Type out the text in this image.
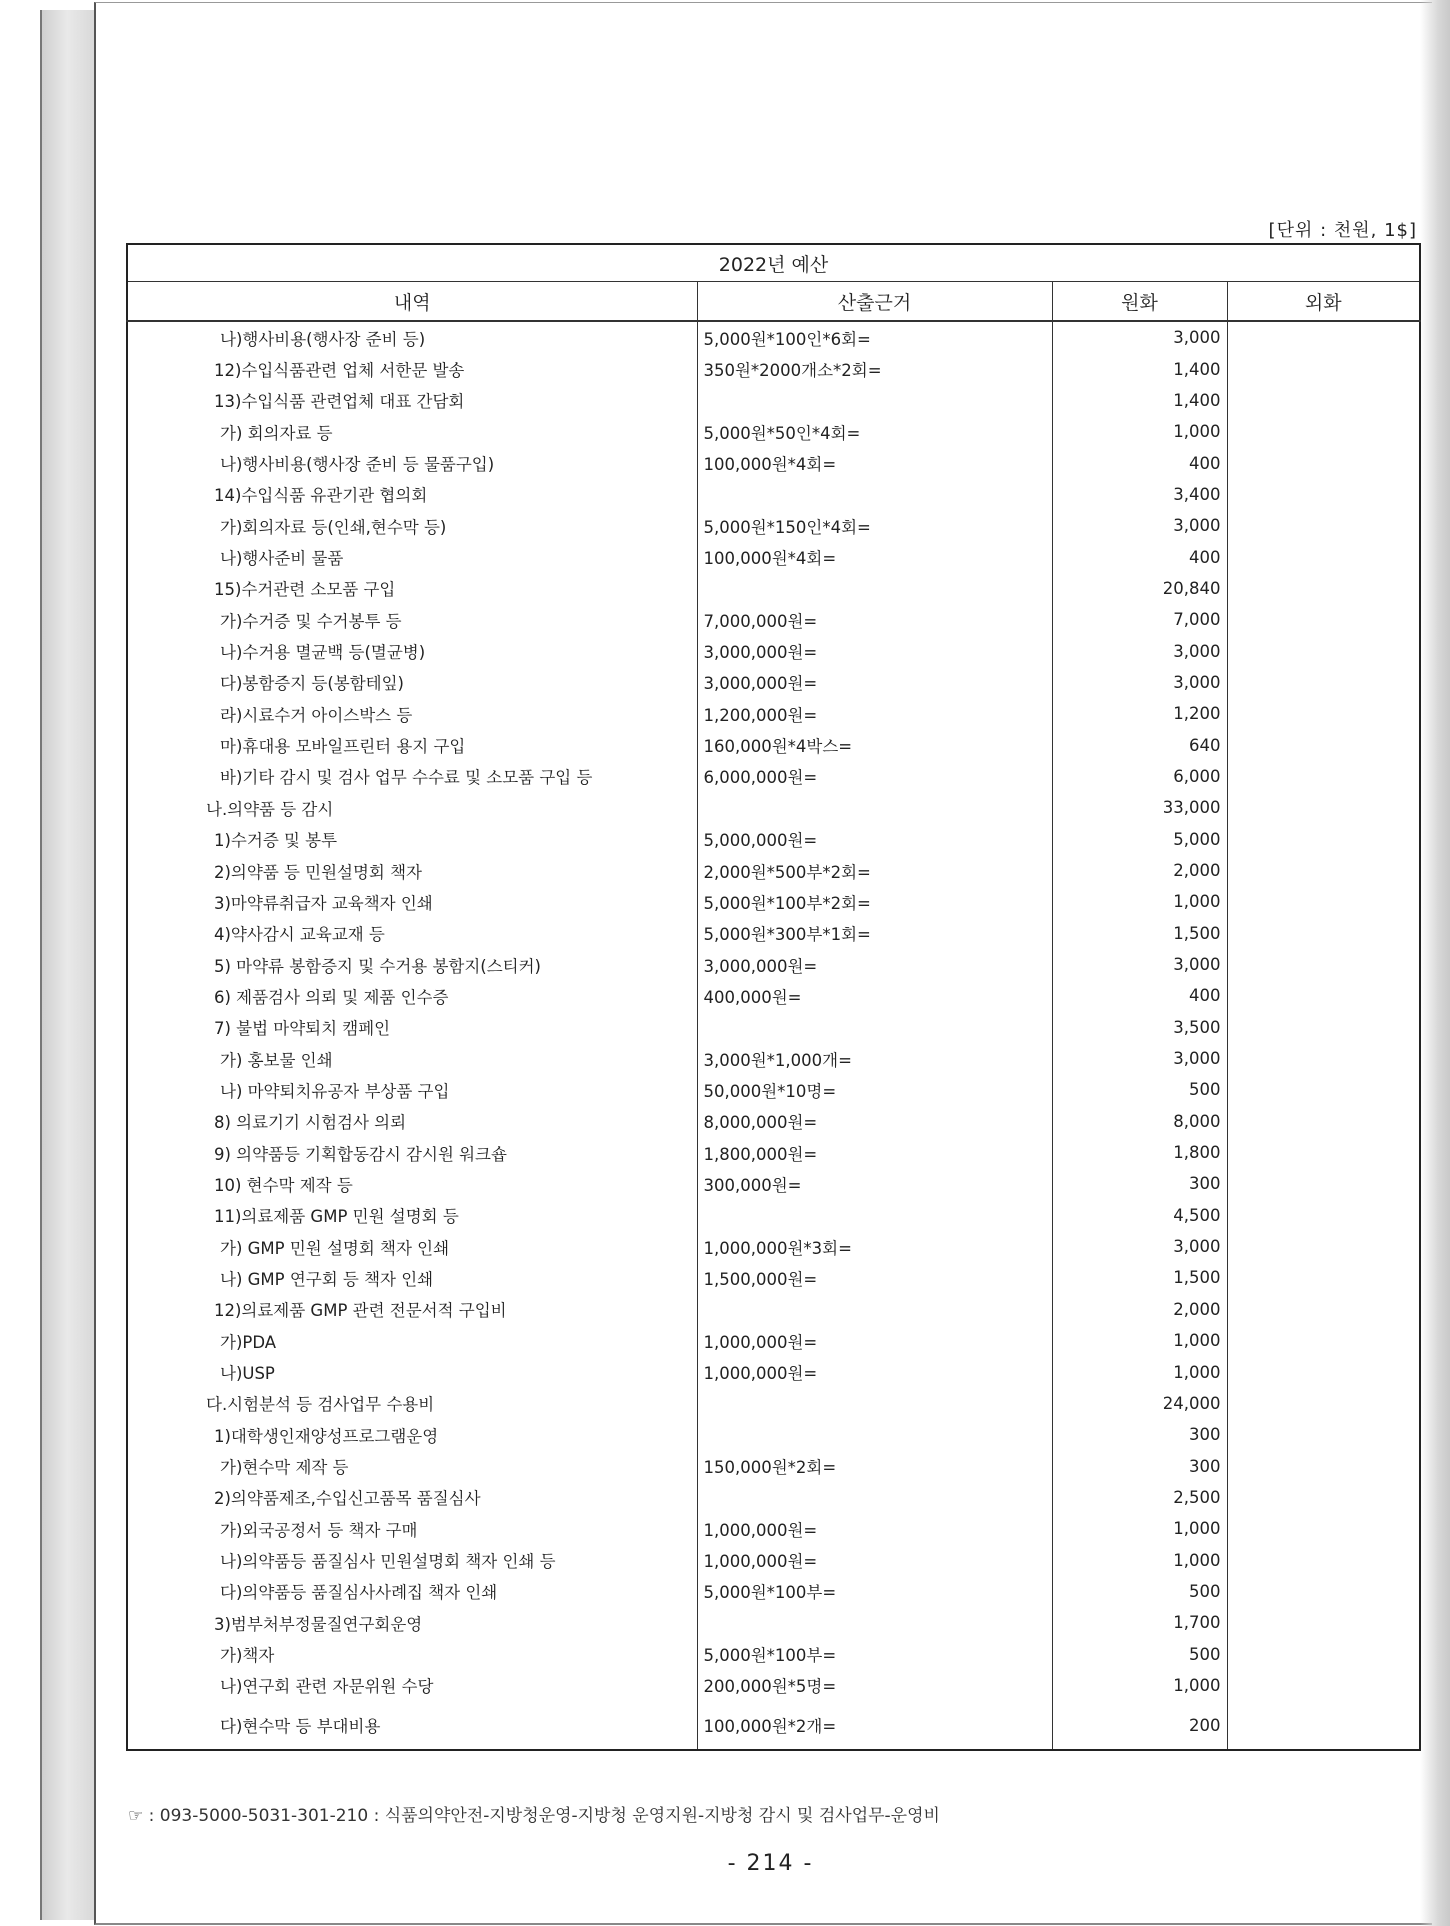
[단위 : 천원, 1$]
2022년 예산			
내역	산출근거	원화	외화
나)행사비용(행사장 준비 등)	5,000원*100인*6회=	3,000	
12)수입식품관련 업체 서한문 발송	350원*2000개소*2회=	1,400	
13)수입식품 관련업체 대표 간담회		1,400	
가) 회의자료 등	5,000원*50인*4회=	1,000	
나)행사비용(행사장 준비 등 물품구입)	100,000원*4회=	400	
14)수입식품 유관기관 협의회		3,400	
가)회의자료 등(인쇄,현수막 등)	5,000원*150인*4회=	3,000	
나)행사준비 물품	100,000원*4회=	400	
15)수거관련 소모품 구입		20,840	
가)수거증 및 수거봉투 등	7,000,000원=	7,000	
나)수거용 멸균백 등(멸균병)	3,000,000원=	3,000	
다)봉함증지 등(봉함테잎)	3,000,000원=	3,000	
라)시료수거 아이스박스 등	1,200,000원=	1,200	
마)휴대용 모바일프린터 용지 구입	160,000원*4박스=	640	
바)기타 감시 및 검사 업무 수수료 및 소모품 구입 등	6,000,000원=	6,000	
나.의약품 등 감시		33,000	
1)수거증 및 봉투	5,000,000원=	5,000	
2)의약품 등 민원설명회 책자	2,000원*500부*2회=	2,000	
3)마약류취급자 교육책자 인쇄	5,000원*100부*2회=	1,000	
4)약사감시 교육교재 등	5,000원*300부*1회=	1,500	
5) 마약류 봉함증지 및 수거용 봉함지(스티커)	3,000,000원=	3,000	
6) 제품검사 의뢰 및 제품 인수증	400,000원=	400	
7) 불법 마약퇴치 캠페인		3,500	
가) 홍보물 인쇄	3,000원*1,000개=	3,000	
나) 마약퇴치유공자 부상품 구입	50,000원*10명=	500	
8) 의료기기 시험검사 의뢰	8,000,000원=	8,000	
9) 의약품등 기획합동감시 감시원 워크숍	1,800,000원=	1,800	
10) 현수막 제작 등	300,000원=	300	
11)의료제품 GMP 민원 설명회 등		4,500	
가) GMP 민원 설명회 책자 인쇄	1,000,000원*3회=	3,000	
나) GMP 연구회 등 책자 인쇄	1,500,000원=	1,500	
12)의료제품 GMP 관련 전문서적 구입비		2,000	
가)PDA	1,000,000원=	1,000	
나)USP	1,000,000원=	1,000	
다.시험분석 등 검사업무 수용비		24,000	
1)대학생인재양성프로그램운영		300	
가)현수막 제작 등	150,000원*2회=	300	
2)의약품제조,수입신고품목 품질심사		2,500	
가)외국공정서 등 책자 구매	1,000,000원=	1,000	
나)의약품등 품질심사 민원설명회 책자 인쇄 등	1,000,000원=	1,000	
다)의약품등 품질심사사례집 책자 인쇄	5,000원*100부=	500	
3)범부처부정물질연구회운영		1,700	
가)책자	5,000원*100부=	500	
나)연구회 관련 자문위원 수당	200,000원*5명=	1,000	
다)현수막 등 부대비용	100,000원*2개=	200	
☞ : 093-5000-5031-301-210 : 식품의약안전-지방청운영-지방청 운영지원-지방청 감시 및 검사업무-운영비
- 214 -
